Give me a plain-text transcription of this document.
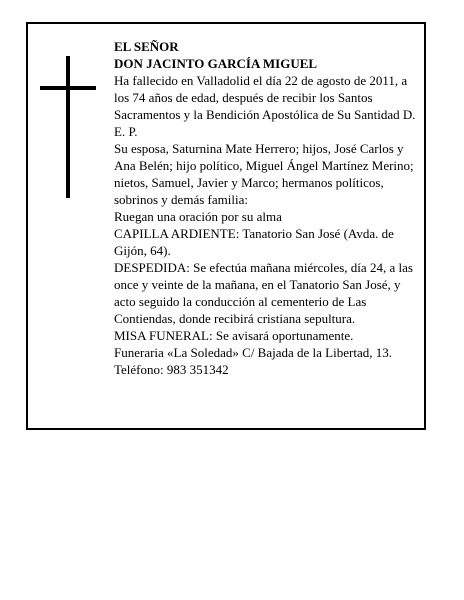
EL SEÑOR

DON JACINTO GARCÍA MIGUEL

Ha fallecido en Valladolid el día 22 de agosto de 2011, a los 74 años de edad, después de recibir los Santos Sacramentos y la Bendición Apostólica de Su Santidad D. E. P.

Su esposa, Saturnina Mate Herrero; hijos, José Carlos y Ana Belén; hijo político, Miguel Ángel Martínez Merino; nietos, Samuel, Javier y Marco; hermanos políticos, sobrinos y demás familia:

Ruegan una oración por su alma

CAPILLA ARDIENTE: Tanatorio San José (Avda. de Gijón, 64).

DESPEDIDA: Se efectúa mañana miércoles, día 24, a las once y veinte de la mañana, en el Tanatorio San José, y acto seguido la conducción al cementerio de Las Contiendas, donde recibirá cristiana sepultura.

MISA FUNERAL: Se avisará oportunamente.

Funeraria «La Soledad» C/ Bajada de la Libertad, 13.

Teléfono: 983 351342
